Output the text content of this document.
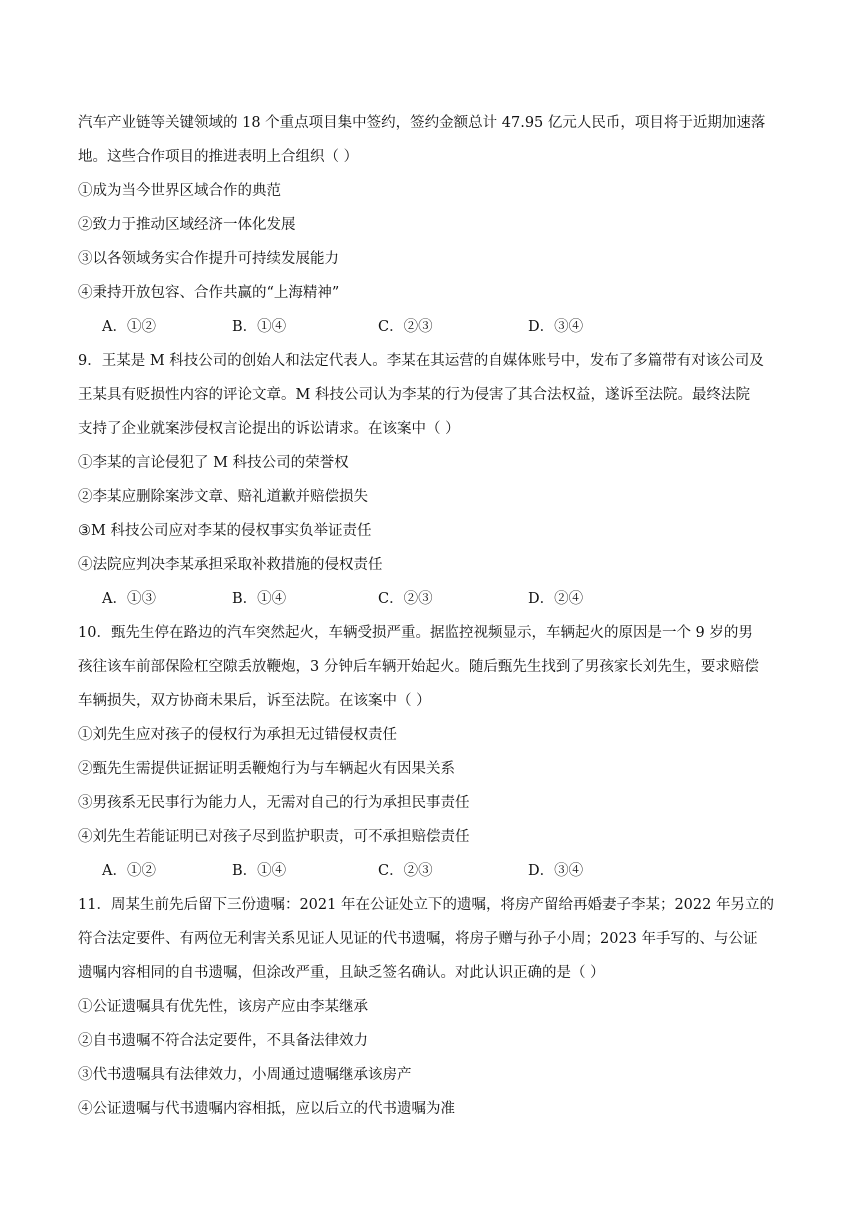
汽车产业链等关键领域的 18 个重点项目集中签约，签约金额总计 47.95 亿元人民币，项目将于近期加速落
地。这些合作项目的推进表明上合组织（ ）
①成为当今世界区域合作的典范
②致力于推动区域经济一体化发展
③以各领域务实合作提升可持续发展能力
④秉持开放包容、合作共赢的“上海精神”
A．①②	B．①④	C．②③	D．③④
9．王某是 M 科技公司的创始人和法定代表人。李某在其运营的自媒体账号中，发布了多篇带有对该公司及
王某具有贬损性内容的评论文章。M 科技公司认为李某的行为侵害了其合法权益，遂诉至法院。最终法院
支持了企业就案涉侵权言论提出的诉讼请求。在该案中（ ）
①李某的言论侵犯了 M 科技公司的荣誉权
②李某应删除案涉文章、赔礼道歉并赔偿损失
③M 科技公司应对李某的侵权事实负举证责任
④法院应判决李某承担采取补救措施的侵权责任
A．①③	B．①④	C．②③	D．②④
10．甄先生停在路边的汽车突然起火，车辆受损严重。据监控视频显示，车辆起火的原因是一个 9 岁的男
孩往该车前部保险杠空隙丢放鞭炮，3 分钟后车辆开始起火。随后甄先生找到了男孩家长刘先生，要求赔偿
车辆损失，双方协商未果后，诉至法院。在该案中（ ）
①刘先生应对孩子的侵权行为承担无过错侵权责任
②甄先生需提供证据证明丢鞭炮行为与车辆起火有因果关系
③男孩系无民事行为能力人，无需对自己的行为承担民事责任
④刘先生若能证明已对孩子尽到监护职责，可不承担赔偿责任
A．①②	B．①④	C．②③	D．③④
11．周某生前先后留下三份遗嘱：2021 年在公证处立下的遗嘱，将房产留给再婚妻子李某；2022 年另立的
符合法定要件、有两位无利害关系见证人见证的代书遗嘱，将房子赠与孙子小周；2023 年手写的、与公证
遗嘱内容相同的自书遗嘱，但涂改严重，且缺乏签名确认。对此认识正确的是（ ）
①公证遗嘱具有优先性，该房产应由李某继承
②自书遗嘱不符合法定要件，不具备法律效力
③代书遗嘱具有法律效力，小周通过遗嘱继承该房产
④公证遗嘱与代书遗嘱内容相抵，应以后立的代书遗嘱为准
